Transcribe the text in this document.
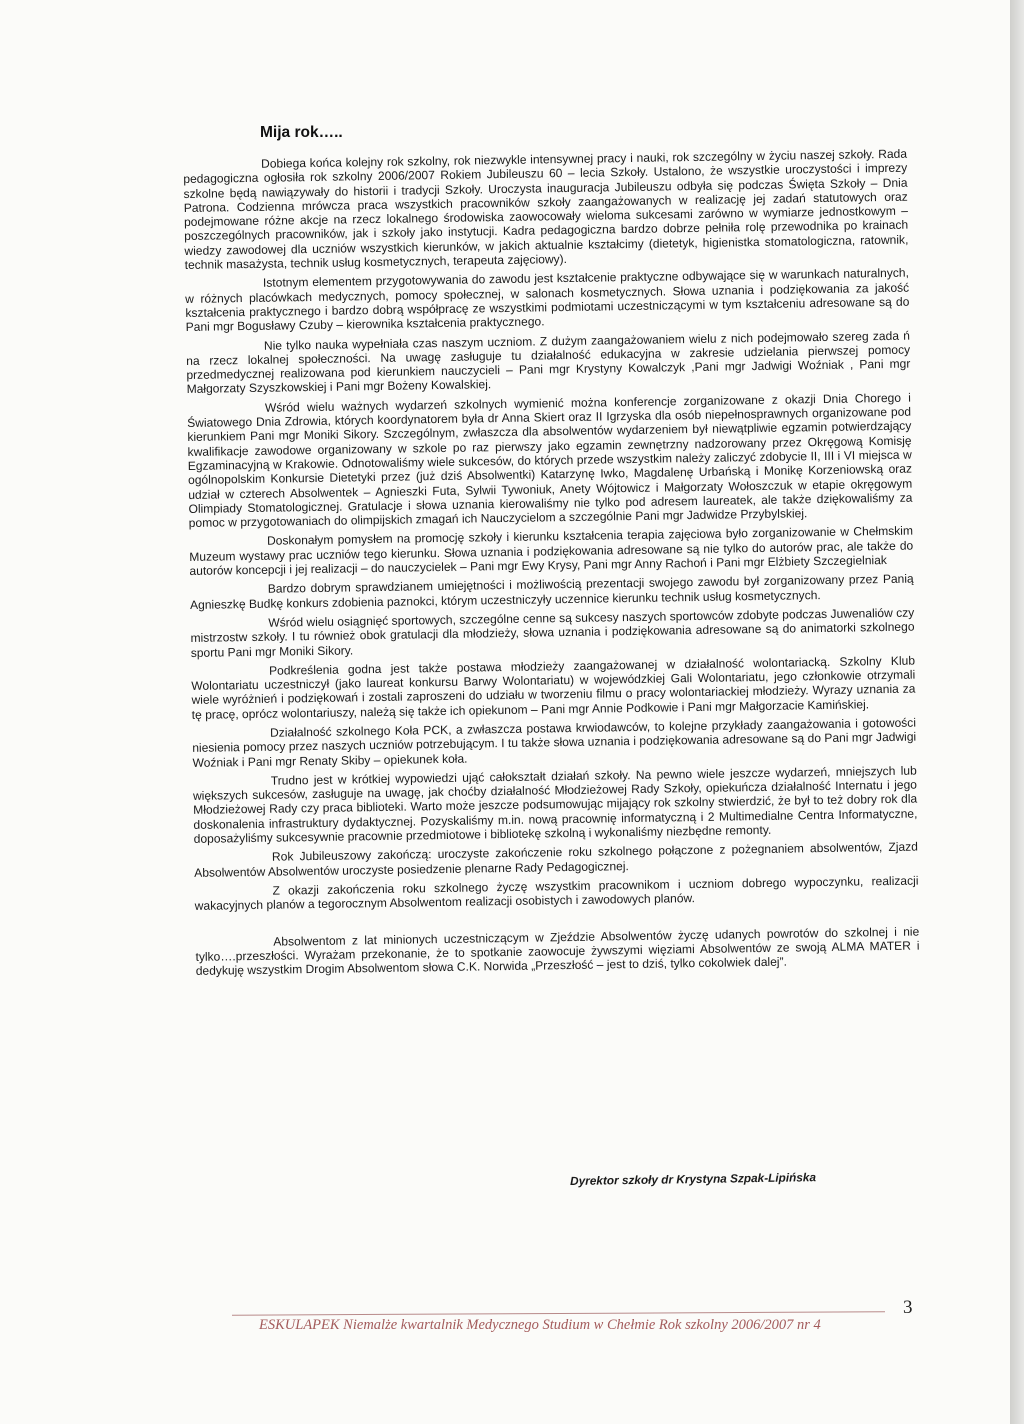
Mija rok…..

Dobiega końca kolejny rok szkolny, rok niezwykle intensywnej pracy i nauki, rok szczególny w życiu naszej szkoły. Rada pedagogiczna ogłosiła rok szkolny 2006/2007 Rokiem Jubileuszu 60 – lecia Szkoły. Ustalono, że wszystkie uroczystości i imprezy szkolne będą nawiązywały do historii i tradycji Szkoły. Uroczysta inauguracja Jubileuszu odbyła się podczas Święta Szkoły – Dnia Patrona. Codzienna mrówcza praca wszystkich pracowników szkoły zaangażowanych w realizację jej zadań statutowych oraz podejmowane różne akcje na rzecz lokalnego środowiska zaowocowały wieloma sukcesami zarówno w wymiarze jednostkowym – poszczególnych pracowników, jak i szkoły jako instytucji. Kadra pedagogiczna bardzo dobrze pełniła rolę przewodnika po krainach wiedzy zawodowej dla uczniów wszystkich kierunków, w jakich aktualnie kształcimy (dietetyk, higienistka stomatologiczna, ratownik, technik masażysta, technik usług kosmetycznych, terapeuta zajęciowy).

Istotnym elementem przygotowywania do zawodu jest kształcenie praktyczne odbywające się w warunkach naturalnych, w różnych placówkach medycznych, pomocy społecznej, w salonach kosmetycznych. Słowa uznania i podziękowania za jakość kształcenia praktycznego i bardzo dobrą współpracę ze wszystkimi podmiotami uczestniczącymi w tym kształceniu adresowane są do Pani mgr Bogusławy Czuby – kierownika kształcenia praktycznego.

Nie tylko nauka wypełniała czas naszym uczniom. Z dużym zaangażowaniem wielu z nich podejmowało szereg zada ń na rzecz lokalnej społeczności. Na uwagę zasługuje tu działalność edukacyjna w zakresie udzielania pierwszej pomocy przedmedycznej realizowana pod kierunkiem nauczycieli – Pani mgr Krystyny Kowalczyk ,Pani mgr Jadwigi Woźniak , Pani mgr Małgorzaty Szyszkowskiej i Pani mgr Bożeny Kowalskiej.

Wśród wielu ważnych wydarzeń szkolnych wymienić można konferencje zorganizowane z okazji Dnia Chorego i Światowego Dnia Zdrowia, których koordynatorem była dr Anna Skiert oraz II Igrzyska dla osób niepełnosprawnych organizowane pod kierunkiem Pani mgr Moniki Sikory. Szczególnym, zwłaszcza dla absolwentów wydarzeniem był niewątpliwie egzamin potwierdzający kwalifikacje zawodowe organizowany w szkole po raz pierwszy jako egzamin zewnętrzny nadzorowany przez Okręgową Komisję Egzaminacyjną w Krakowie. Odnotowaliśmy wiele sukcesów, do których przede wszystkim należy zaliczyć zdobycie II, III i VI miejsca w ogólnopolskim Konkursie Dietetyki przez (już dziś Absolwentki) Katarzynę Iwko, Magdalenę Urbańską i Monikę Korzeniowską oraz udział w czterech Absolwentek – Agnieszki Futa, Sylwii Tywoniuk, Anety Wójtowicz i Małgorzaty Wołoszczuk w etapie okręgowym Olimpiady Stomatologicznej. Gratulacje i słowa uznania kierowaliśmy nie tylko pod adresem laureatek, ale także dziękowaliśmy za pomoc w przygotowaniach do olimpijskich zmagań ich Nauczycielom a szczególnie Pani mgr Jadwidze Przybylskiej.

Doskonałym pomysłem na promocję szkoły i kierunku kształcenia terapia zajęciowa było zorganizowanie w Chełmskim Muzeum wystawy prac uczniów tego kierunku. Słowa uznania i podziękowania adresowane są nie tylko do autorów prac, ale także do autorów koncepcji i jej realizacji – do nauczycielek – Pani mgr Ewy Krysy, Pani mgr Anny Rachoń i Pani mgr Elżbiety Szczegielniak

Bardzo dobrym sprawdzianem umiejętności i możliwością prezentacji swojego zawodu był zorganizowany przez Panią Agnieszkę Budkę konkurs zdobienia paznokci, którym uczestniczyły uczennice kierunku technik usług kosmetycznych.

Wśród wielu osiągnięć sportowych, szczególne cenne są sukcesy naszych sportowców zdobyte podczas Juwenaliów czy mistrzostw szkoły. I tu również obok gratulacji dla młodzieży, słowa uznania i podziękowania adresowane są do animatorki szkolnego sportu Pani mgr Moniki Sikory.

Podkreślenia godna jest także postawa młodzieży zaangażowanej w działalność wolontariacką. Szkolny Klub Wolontariatu uczestniczył (jako laureat konkursu Barwy Wolontariatu) w wojewódzkiej Gali Wolontariatu, jego członkowie otrzymali wiele wyróżnień i podziękowań i zostali zaproszeni do udziału w tworzeniu filmu o pracy wolontariackiej młodzieży. Wyrazy uznania za tę pracę, oprócz wolontariuszy, należą się także ich opiekunom – Pani mgr Annie Podkowie i Pani mgr Małgorzacie Kamińskiej.

Działalność szkolnego Koła PCK, a zwłaszcza postawa krwiodawców, to kolejne przykłady zaangażowania i gotowości niesienia pomocy przez naszych uczniów potrzebującym. I tu także słowa uznania i podziękowania adresowane są do Pani mgr Jadwigi Woźniak i Pani mgr Renaty Skiby – opiekunek koła.

Trudno jest w krótkiej wypowiedzi ująć całokształt działań szkoły. Na pewno wiele jeszcze wydarzeń, mniejszych lub większych sukcesów, zasługuje na uwagę, jak choćby działalność Młodzieżowej Rady Szkoły, opiekuńcza działalność Internatu i jego Młodzieżowej Rady czy praca biblioteki. Warto może jeszcze podsumowując mijający rok szkolny stwierdzić, że był to też dobry rok dla doskonalenia infrastruktury dydaktycznej. Pozyskaliśmy m.in. nową pracownię informatyczną i 2 Multimedialne Centra Informatyczne, doposażyliśmy sukcesywnie pracownie przedmiotowe i bibliotekę szkolną i wykonaliśmy niezbędne remonty.

Rok Jubileuszowy zakończą: uroczyste zakończenie roku szkolnego połączone z pożegnaniem absolwentów, Zjazd Absolwentów Absolwentów uroczyste posiedzenie plenarne Rady Pedagogicznej.

Z okazji zakończenia roku szkolnego życzę wszystkim pracownikom i uczniom dobrego wypoczynku, realizacji wakacyjnych planów a tegorocznym Absolwentom realizacji osobistych i zawodowych planów.

Absolwentom z lat minionych uczestniczącym w Zjeździe Absolwentów życzę udanych powrotów do szkolnej i nie tylko….przeszłości. Wyrażam przekonanie, że to spotkanie zaowocuje żywszymi więziami Absolwentów ze swoją ALMA MATER i dedykuję wszystkim Drogim Absolwentom słowa C.K. Norwida „Przeszłość – jest to dziś, tylko cokolwiek dalej”.

Dyrektor szkoły dr Krystyna Szpak-Lipińska
ESKULAPEK Niemalże kwartalnik Medycznego Studium w Chełmie Rok szkolny 2006/2007 nr 4
3
